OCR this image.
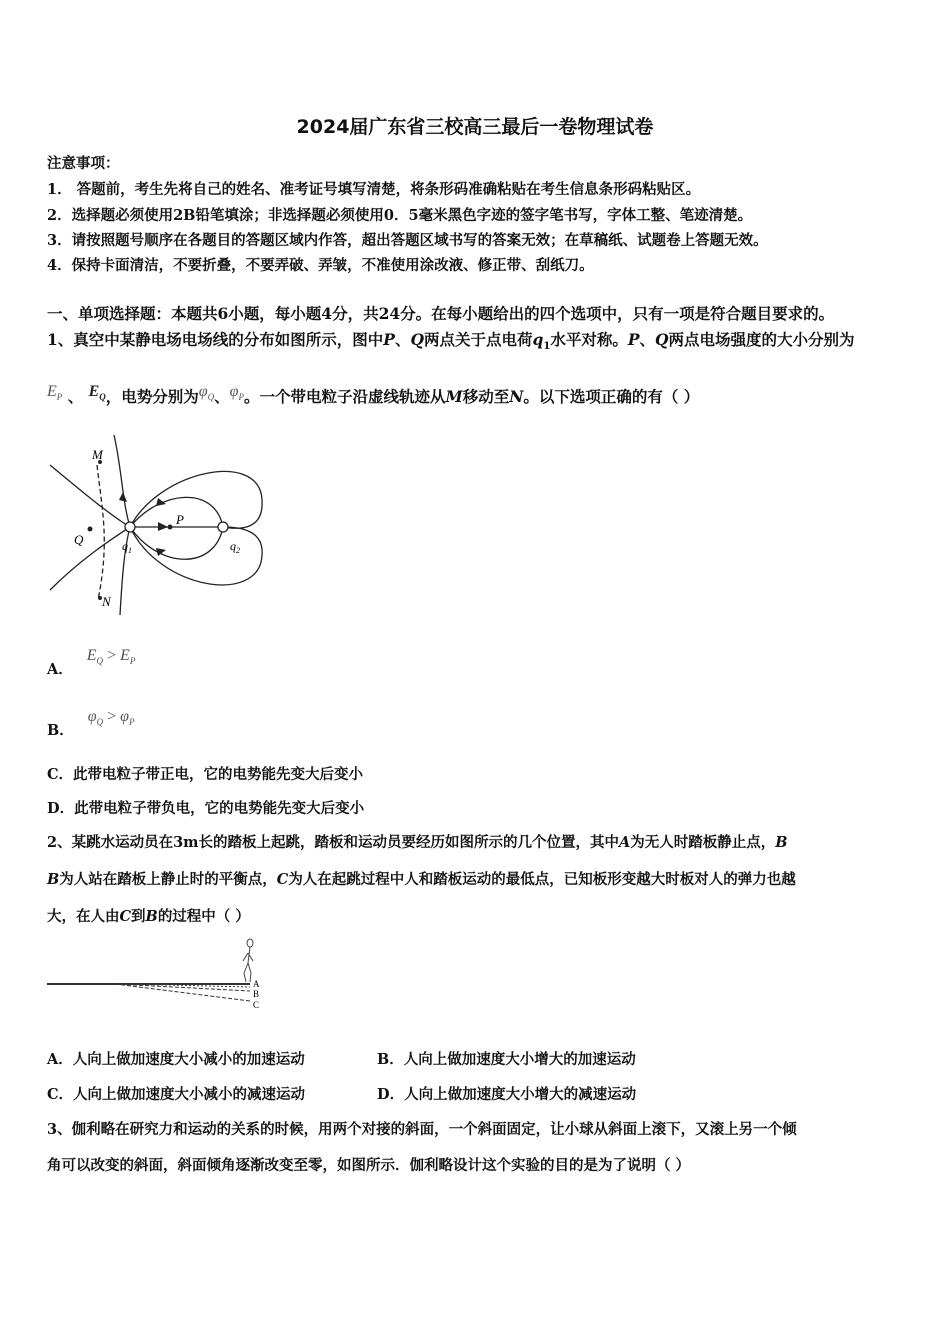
2024届广东省三校高三最后一卷物理试卷
注意事项：
1． 答题前，考生先将自己的姓名、准考证号填写清楚，将条形码准确粘贴在考生信息条形码粘贴区。
2．选择题必须使用2B铅笔填涂；非选择题必须使用0．5毫米黑色字迹的签字笔书写，字体工整、笔迹清楚。
3．请按照题号顺序在各题目的答题区域内作答，超出答题区域书写的答案无效；在草稿纸、试题卷上答题无效。
4．保持卡面清洁，不要折叠，不要弄破、弄皱，不准使用涂改液、修正带、刮纸刀。
一、单项选择题：本题共6小题，每小题4分，共24分。在每小题给出的四个选项中，只有一项是符合题目要求的。
1、真空中某静电场电场线的分布如图所示，图中P、Q两点关于点电荷$q_1$水平对称。P、Q两点电场强度的大小分别为
$E_P$ 、 $E_Q$，电势分别为$\varphi_Q$、$\varphi_P$。一个带电粒子沿虚线轨迹从M移动至N。以下选项正确的有（ ）
M
Q
P
$q_1$	$q_2$
N
A．$E_Q > E_P$
B．$\varphi_Q > \varphi_P$
C．此带电粒子带正电，它的电势能先变大后变小
D．此带电粒子带负电，它的电势能先变大后变小
2、某跳水运动员在3m长的踏板上起跳，踏板和运动员要经历如图所示的几个位置，其中A为无人时踏板静止点，B
B为人站在踏板上静止时的平衡点，C为人在起跳过程中人和踏板运动的最低点，已知板形变越大时板对人的弹力也越
大，在人由C到B的过程中（ ）
A
B
C
A．人向上做加速度大小减小的加速运动	B．人向上做加速度大小增大的加速运动
C．人向上做加速度大小减小的减速运动	D．人向上做加速度大小增大的减速运动
3、伽利略在研究力和运动的关系的时候，用两个对接的斜面，一个斜面固定，让小球从斜面上滚下，又滚上另一个倾
角可以改变的斜面，斜面倾角逐渐改变至零，如图所示．伽利略设计这个实验的目的是为了说明（ ）
